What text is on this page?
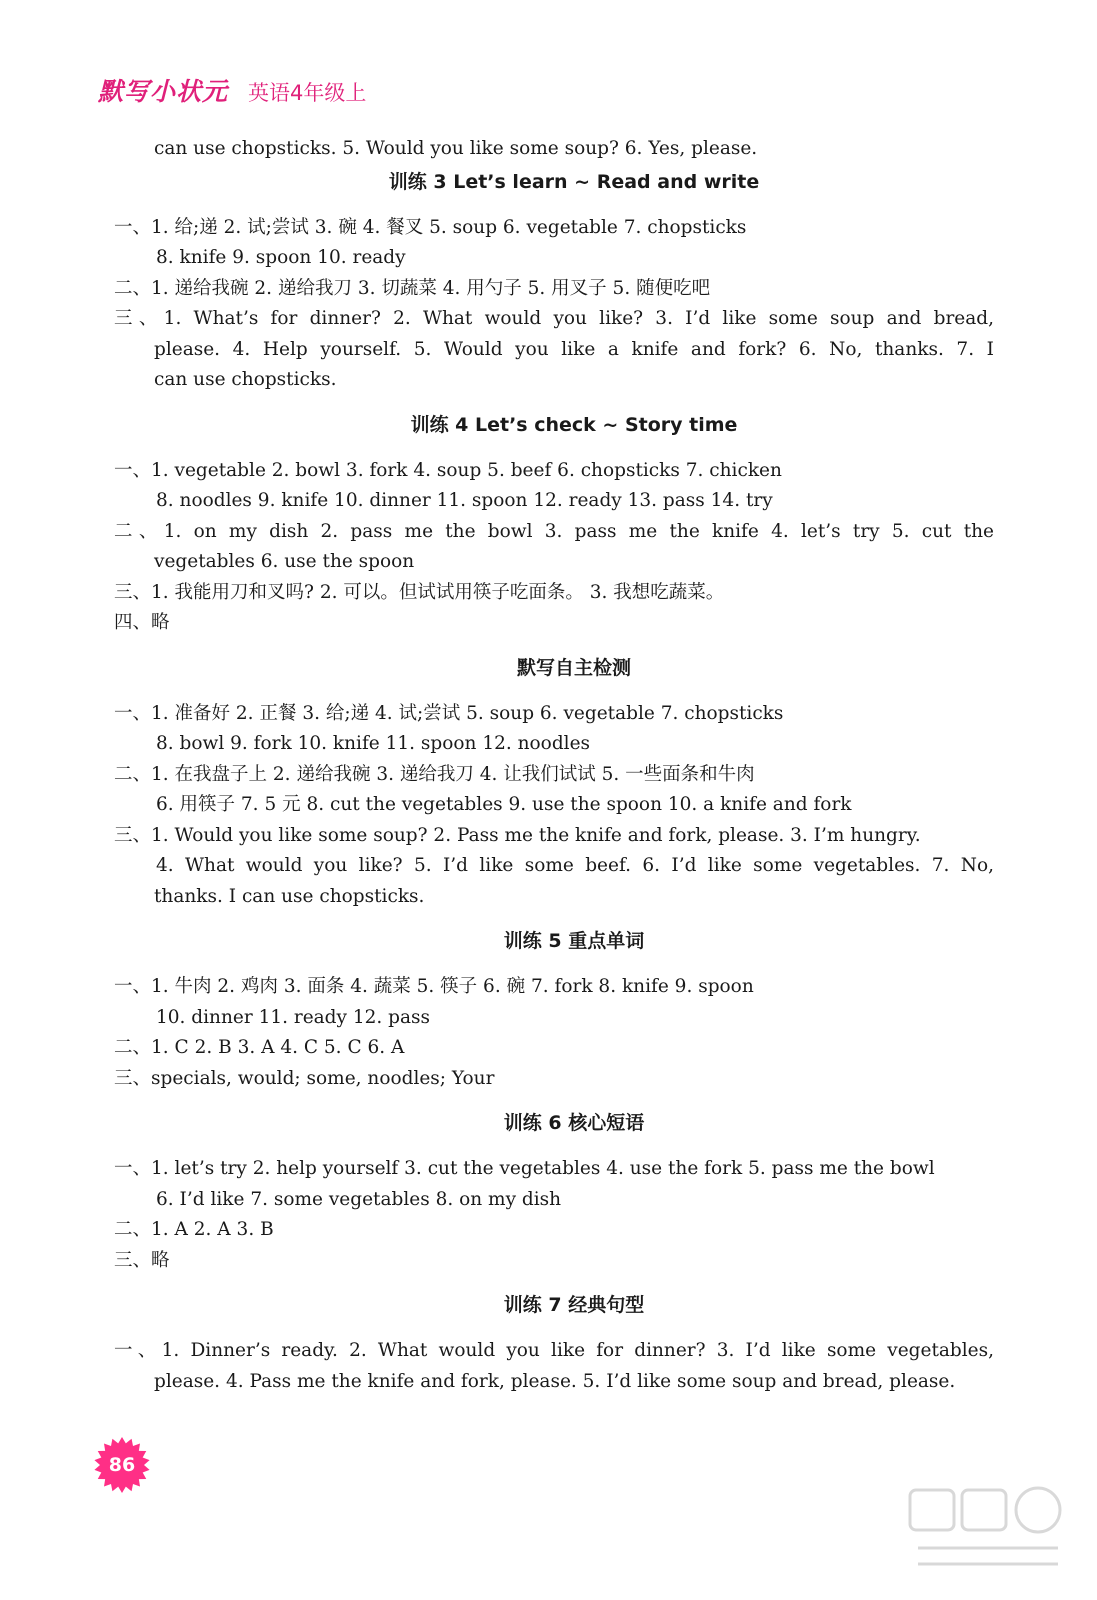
默写小状元 英语4年级上
can use chopsticks. 5. Would you like some soup? 6. Yes, please.
训练 3 Let’s learn ~ Read and write
一、1. 给;递 2. 试;尝试 3. 碗 4. 餐叉 5. soup 6. vegetable 7. chopsticks
8. knife 9. spoon 10. ready
二、1. 递给我碗 2. 递给我刀 3. 切蔬菜 4. 用勺子 5. 用叉子 5. 随便吃吧
三、1. What’s for dinner? 2. What would you like? 3. I’d like some soup and bread,
please. 4. Help yourself. 5. Would you like a knife and fork? 6. No, thanks. 7. I
can use chopsticks.
训练 4 Let’s check ~ Story time
一、1. vegetable 2. bowl 3. fork 4. soup 5. beef 6. chopsticks 7. chicken
8. noodles 9. knife 10. dinner 11. spoon 12. ready 13. pass 14. try
二、1. on my dish 2. pass me the bowl 3. pass me the knife 4. let’s try 5. cut the
vegetables 6. use the spoon
三、1. 我能用刀和叉吗? 2. 可以。但试试用筷子吃面条。 3. 我想吃蔬菜。
四、略
默写自主检测
一、1. 准备好 2. 正餐 3. 给;递 4. 试;尝试 5. soup 6. vegetable 7. chopsticks
8. bowl 9. fork 10. knife 11. spoon 12. noodles
二、1. 在我盘子上 2. 递给我碗 3. 递给我刀 4. 让我们试试 5. 一些面条和牛肉
6. 用筷子 7. 5 元 8. cut the vegetables 9. use the spoon 10. a knife and fork
三、1. Would you like some soup? 2. Pass me the knife and fork, please. 3. I’m hungry.
4. What would you like? 5. I’d like some beef. 6. I’d like some vegetables. 7. No,
thanks. I can use chopsticks.
训练 5 重点单词
一、1. 牛肉 2. 鸡肉 3. 面条 4. 蔬菜 5. 筷子 6. 碗 7. fork 8. knife 9. spoon
10. dinner 11. ready 12. pass
二、1. C 2. B 3. A 4. C 5. C 6. A
三、specials, would; some, noodles; Your
训练 6 核心短语
一、1. let’s try 2. help yourself 3. cut the vegetables 4. use the fork 5. pass me the bowl
6. I’d like 7. some vegetables 8. on my dish
二、1. A 2. A 3. B
三、略
训练 7 经典句型
一、1. Dinner’s ready. 2. What would you like for dinner? 3. I’d like some vegetables,
please. 4. Pass me the knife and fork, please. 5. I’d like some soup and bread, please.
86
